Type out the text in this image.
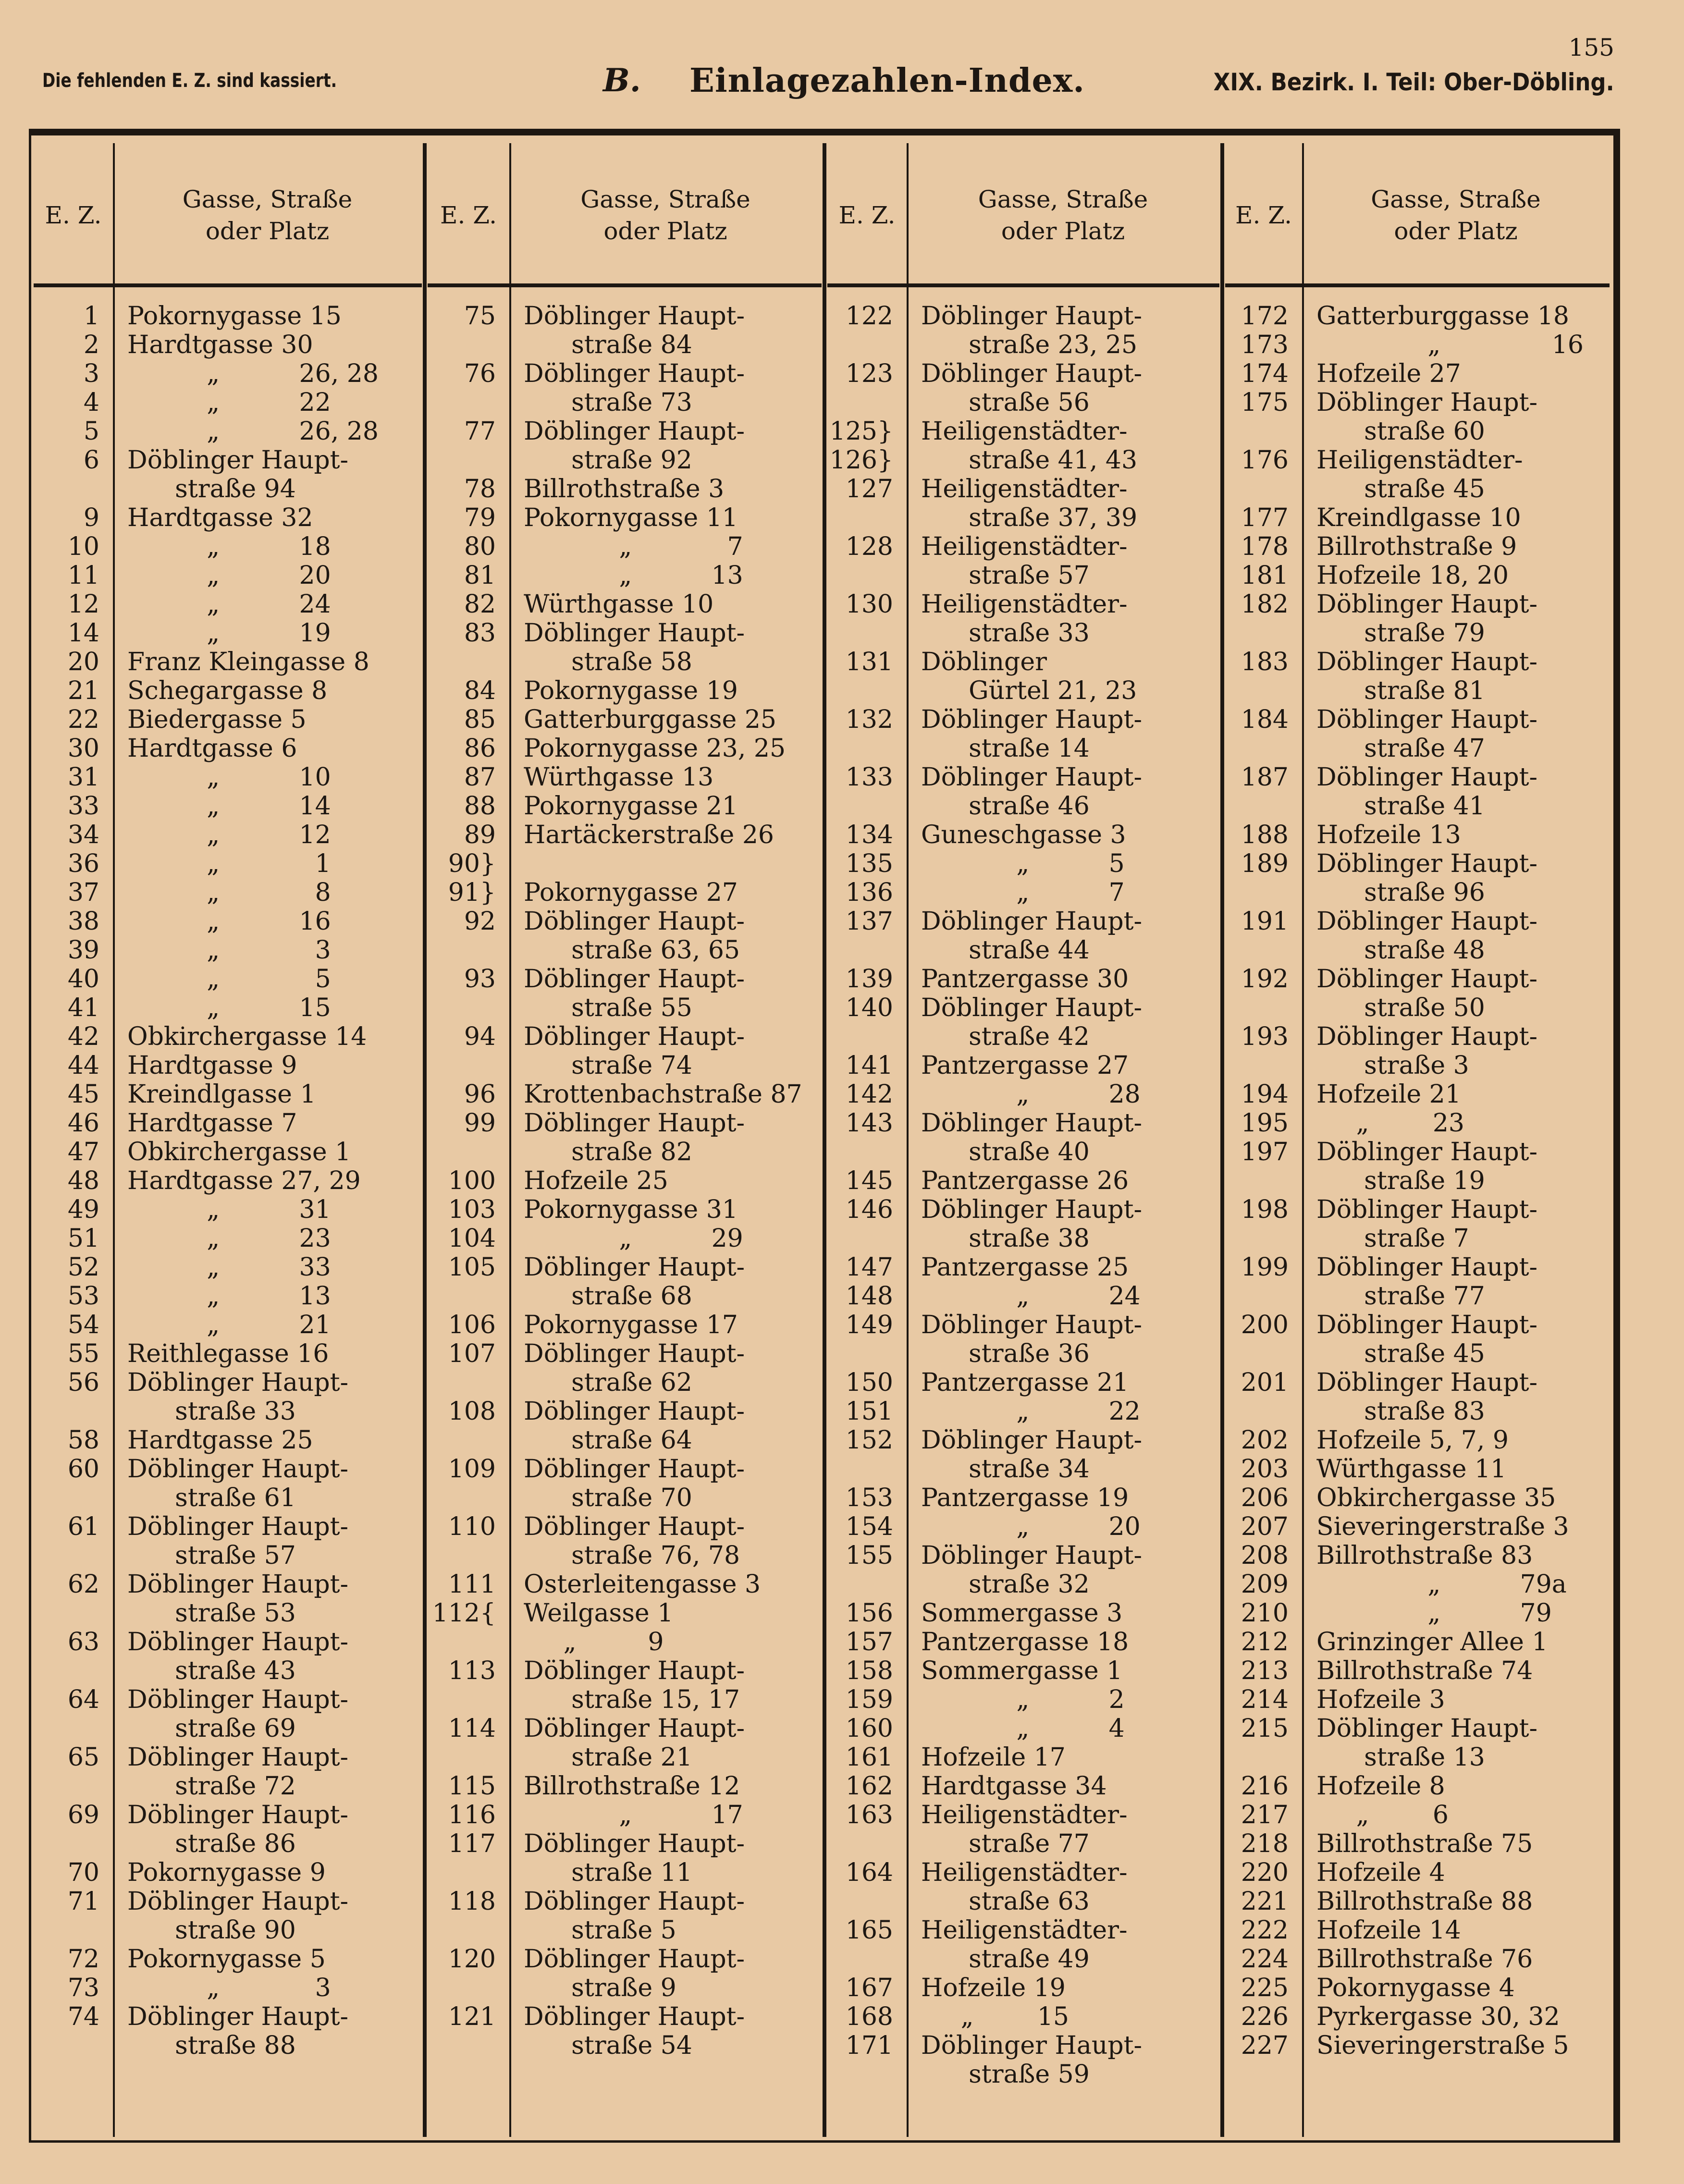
155
Die fehlenden E. Z. sind kassiert.	B. Einlagezahlen-Index.	XIX. Bezirk. I. Teil: Ober-Döbling.
E. Z.
Gasse, Straße
oder Platz
1 Pokornygasse 15
2 Hardtgasse 30
3 „          26, 28
4 „          22
5 „          26, 28
6 Döblinger Haupt-
straße 94
9 Hardtgasse 32
10 „          18
11 „          20
12 „          24
14 „          19
20 Franz Kleingasse 8
21 Schegargasse 8
22 Biedergasse 5
30 Hardtgasse 6
31 „          10
33 „          14
34 „          12
36 „            1
37 „            8
38 „          16
39 „            3
40 „            5
41 „          15
42 Obkirchergasse 14
44 Hardtgasse 9
45 Kreindlgasse 1
46 Hardtgasse 7
47 Obkirchergasse 1
48 Hardtgasse 27, 29
49 „          31
51 „          23
52 „          33
53 „          13
54 „          21
55 Reithlegasse 16
56 Döblinger Haupt-
straße 33
58 Hardtgasse 25
60 Döblinger Haupt-
straße 61
61 Döblinger Haupt-
straße 57
62 Döblinger Haupt-
straße 53
63 Döblinger Haupt-
straße 43
64 Döblinger Haupt-
straße 69
65 Döblinger Haupt-
straße 72
69 Döblinger Haupt-
straße 86
70 Pokornygasse 9
71 Döblinger Haupt-
straße 90
72 Pokornygasse 5
73 „            3
74 Döblinger Haupt-
straße 88
E. Z.
Gasse, Straße
oder Platz
75 Döblinger Haupt-
straße 84
76 Döblinger Haupt-
straße 73
77 Döblinger Haupt-
straße 92
78 Billrothstraße 3
79 Pokornygasse 11
80 „            7
81 „          13
82 Würthgasse 10
83 Döblinger Haupt-
straße 58
84 Pokornygasse 19
85 Gatterburggasse 25
86 Pokornygasse 23, 25
87 Würthgasse 13
88 Pokornygasse 21
89 Hartäckerstraße 26
90}
91}
Pokornygasse 27
92 Döblinger Haupt-
straße 63, 65
93 Döblinger Haupt-
straße 55
94 Döblinger Haupt-
straße 74
96 Krottenbachstraße 87
99 Döblinger Haupt-
straße 82
100 Hofzeile 25
103 Pokornygasse 31
104 „          29
105 Döblinger Haupt-
straße 68
106 Pokornygasse 17
107 Döblinger Haupt-
straße 62
108 Döblinger Haupt-
straße 64
109 Döblinger Haupt-
straße 70
110 Döblinger Haupt-
straße 76, 78
111 Osterleitengasse 3
112{ Weilgasse 1
„         9
113 Döblinger Haupt-
straße 15, 17
114 Döblinger Haupt-
straße 21
115 Billrothstraße 12
116 „          17
117 Döblinger Haupt-
straße 11
118 Döblinger Haupt-
straße 5
120 Döblinger Haupt-
straße 9
121 Döblinger Haupt-
straße 54
E. Z.
Gasse, Straße
oder Platz
122 Döblinger Haupt-
straße 23, 25
123 Döblinger Haupt-
straße 56
125}
126}
Heiligenstädter-
straße 41, 43
127 Heiligenstädter-
straße 37, 39
128 Heiligenstädter-
straße 57
130 Heiligenstädter-
straße 33
131 Döblinger
Gürtel 21, 23
132 Döblinger Haupt-
straße 14
133 Döblinger Haupt-
straße 46
134 Guneschgasse 3
135 „          5
136 „          7
137 Döblinger Haupt-
straße 44
139 Pantzergasse 30
140 Döblinger Haupt-
straße 42
141 Pantzergasse 27
142 „          28
143 Döblinger Haupt-
straße 40
145 Pantzergasse 26
146 Döblinger Haupt-
straße 38
147 Pantzergasse 25
148 „          24
149 Döblinger Haupt-
straße 36
150 Pantzergasse 21
151 „          22
152 Döblinger Haupt-
straße 34
153 Pantzergasse 19
154 „          20
155 Döblinger Haupt-
straße 32
156 Sommergasse 3
157 Pantzergasse 18
158 Sommergasse 1
159 „          2
160 „          4
161 Hofzeile 17
162 Hardtgasse 34
163 Heiligenstädter-
straße 77
164 Heiligenstädter-
straße 63
165 Heiligenstädter-
straße 49
167 Hofzeile 19
168 „        15
171 Döblinger Haupt-
straße 59
E. Z.
Gasse, Straße
oder Platz
172 Gatterburggasse 18
173 „              16
174 Hofzeile 27
175 Döblinger Haupt-
straße 60
176 Heiligenstädter-
straße 45
177 Kreindlgasse 10
178 Billrothstraße 9
181 Hofzeile 18, 20
182 Döblinger Haupt-
straße 79
183 Döblinger Haupt-
straße 81
184 Döblinger Haupt-
straße 47
187 Döblinger Haupt-
straße 41
188 Hofzeile 13
189 Döblinger Haupt-
straße 96
191 Döblinger Haupt-
straße 48
192 Döblinger Haupt-
straße 50
193 Döblinger Haupt-
straße 3
194 Hofzeile 21
195 „        23
197 Döblinger Haupt-
straße 19
198 Döblinger Haupt-
straße 7
199 Döblinger Haupt-
straße 77
200 Döblinger Haupt-
straße 45
201 Döblinger Haupt-
straße 83
202 Hofzeile 5, 7, 9
203 Würthgasse 11
206 Obkirchergasse 35
207 Sieveringerstraße 3
208 Billrothstraße 83
209 „          79a
210 „          79
212 Grinzinger Allee 1
213 Billrothstraße 74
214 Hofzeile 3
215 Döblinger Haupt-
straße 13
216 Hofzeile 8
217 „        6
218 Billrothstraße 75
220 Hofzeile 4
221 Billrothstraße 88
222 Hofzeile 14
224 Billrothstraße 76
225 Pokornygasse 4
226 Pyrkergasse 30, 32
227 Sieveringerstraße 5
